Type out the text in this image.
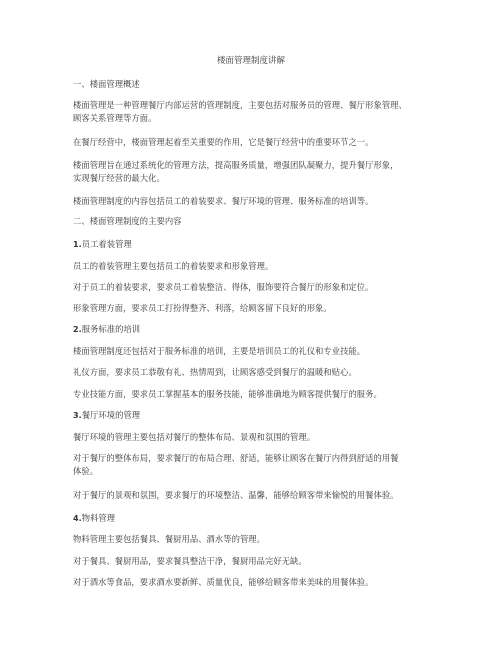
楼面管理制度讲解
一、楼面管理概述
楼面管理是一种管理餐厅内部运营的管理制度，主要包括对服务员的管理、餐厅形象管理、
顾客关系管理等方面。
在餐厅经营中，楼面管理起着至关重要的作用，它是餐厅经营中的重要环节之一。
楼面管理旨在通过系统化的管理方法，提高服务质量，增强团队凝聚力，提升餐厅形象，
实现餐厅经营的最大化。
楼面管理制度的内容包括员工的着装要求、餐厅环境的管理、服务标准的培训等。
二、楼面管理制度的主要内容
1.员工着装管理
员工的着装管理主要包括员工的着装要求和形象管理。
对于员工的着装要求，要求员工着装整洁、得体，服饰要符合餐厅的形象和定位。
形象管理方面，要求员工打扮得整齐、利落，给顾客留下良好的形象。
2.服务标准的培训
楼面管理制度还包括对于服务标准的培训，主要是培训员工的礼仪和专业技能。
礼仪方面，要求员工恭敬有礼、热情周到，让顾客感受到餐厅的温暖和贴心。
专业技能方面，要求员工掌握基本的服务技能，能够准确地为顾客提供餐厅的服务。
3.餐厅环境的管理
餐厅环境的管理主要包括对餐厅的整体布局、景观和氛围的管理。
对于餐厅的整体布局，要求餐厅的布局合理、舒适，能够让顾客在餐厅内得到舒适的用餐
体验。
对于餐厅的景观和氛围，要求餐厅的环境整洁、温馨，能够给顾客带来愉悦的用餐体验。
4.物料管理
物料管理主要包括餐具、餐厨用品、酒水等的管理。
对于餐具、餐厨用品，要求餐具整洁干净，餐厨用品完好无缺。
对于酒水等食品，要求酒水要新鲜、质量优良，能够给顾客带来美味的用餐体验。
